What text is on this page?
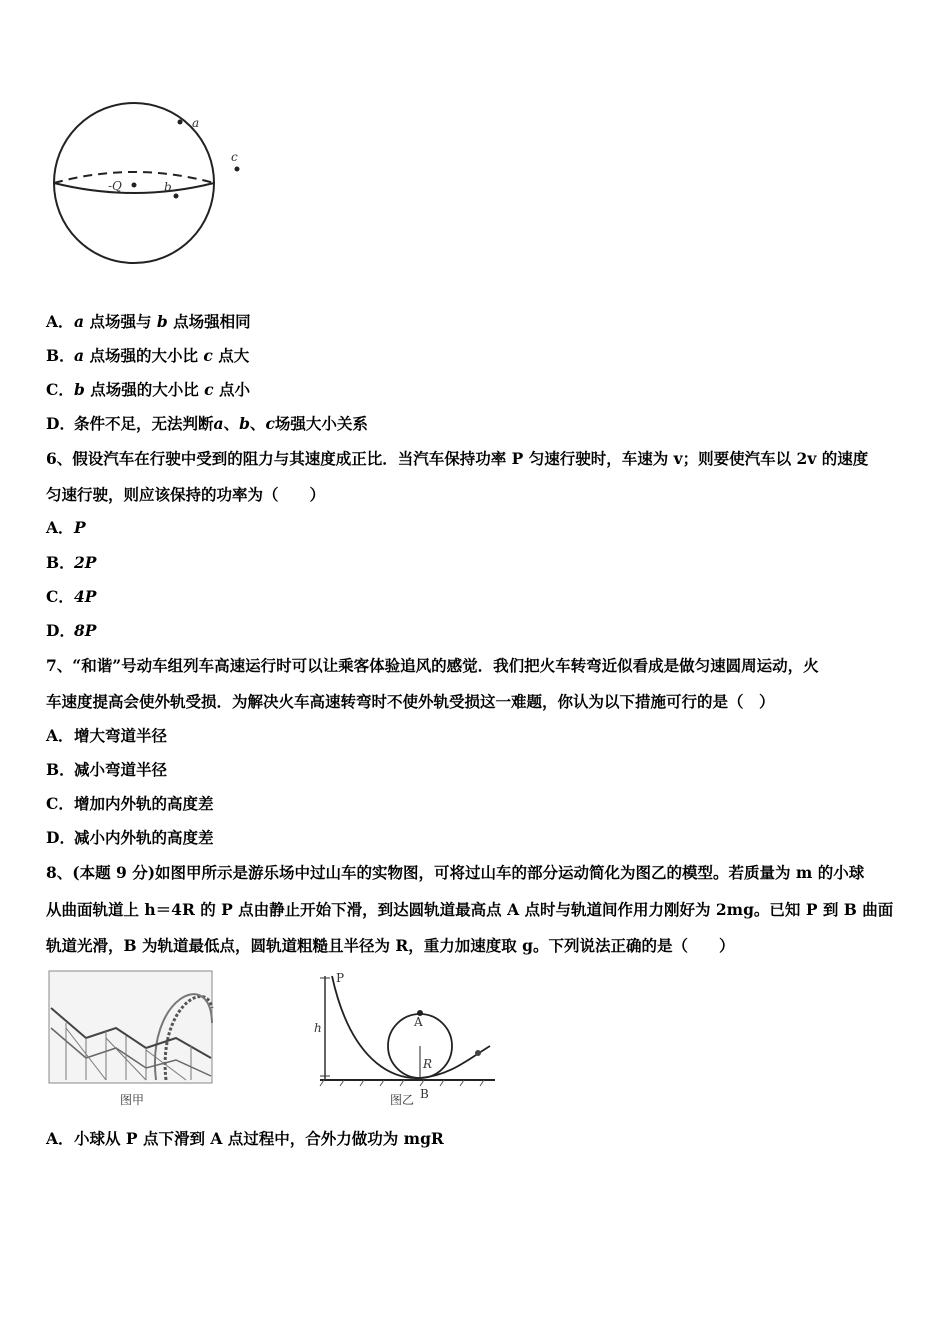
a
b
c
-Q
A．a 点场强与 b 点场强相同
B．a 点场强的大小比 c 点大
C．b 点场强的大小比 c 点小
D．条件不足，无法判断a、b、c场强大小关系
6、假设汽车在行驶中受到的阻力与其速度成正比．当汽车保持功率 P 匀速行驶时，车速为 v；则要使汽车以 2v 的速度
匀速行驶，则应该保持的功率为（　　）
A．P
B．2P
C．4P
D．8P
7、“和谐”号动车组列车高速运行时可以让乘客体验追风的感觉．我们把火车转弯近似看成是做匀速圆周运动，火
车速度提高会使外轨受损．为解决火车高速转弯时不使外轨受损这一难题，你认为以下措施可行的是（　）
A．增大弯道半径
B．减小弯道半径
C．增加内外轨的高度差
D．减小内外轨的高度差
8、(本题 9 分)如图甲所示是游乐场中过山车的实物图，可将过山车的部分运动简化为图乙的模型。若质量为 m 的小球
从曲面轨道上 h＝4R 的 P 点由静止开始下滑，到达圆轨道最高点 A 点时与轨道间作用力刚好为 2mg。已知 P 到 B 曲面
轨道光滑，B 为轨道最低点，圆轨道粗糙且半径为 R，重力加速度取 g。下列说法正确的是（　　）
图甲
P
h	A
R
B
图乙
A．小球从 P 点下滑到 A 点过程中，合外力做功为 mgR
